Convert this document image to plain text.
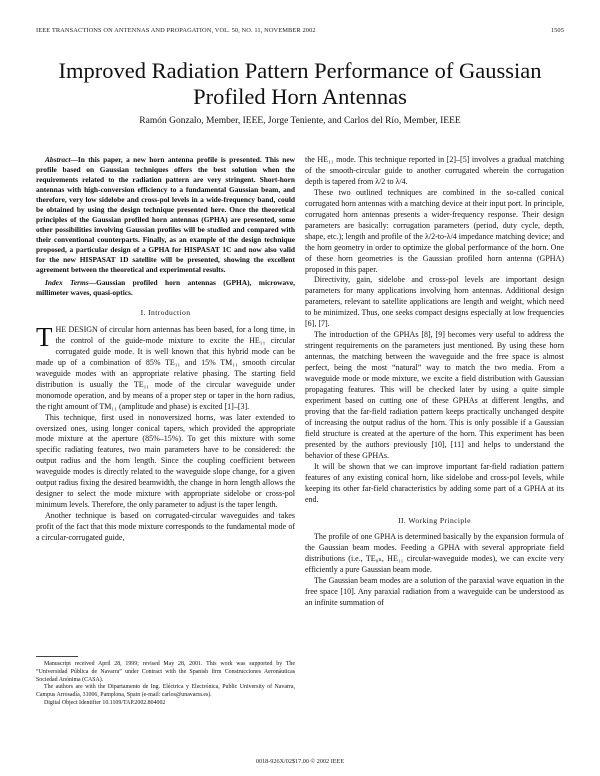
IEEE TRANSACTIONS ON ANTENNAS AND PROPAGATION, VOL. 50, NO. 11, NOVEMBER 2002	1505
Improved Radiation Pattern Performance of Gaussian
Profiled Horn Antennas
Ramón Gonzalo, Member, IEEE, Jorge Teniente, and Carlos del Río, Member, IEEE

Abstract—In this paper, a new horn antenna profile is presented. This new profile based on Gaussian techniques offers the best solution when the requirements related to the radiation pattern are very stringent. Short-horn antennas with high-conversion efficiency to a fundamental Gaussian beam, and therefore, very low sidelobe and cross-pol levels in a wide-frequency band, could be obtained by using the design technique presented here. Once the theoretical principles of the Gaussian profiled horn antennas (GPHA) are presented, some other possibilities involving Gaussian profiles will be studied and compared with their conventional counterparts. Finally, as an example of the design technique proposed, a particular design of a GPHA for HISPASAT 1C and now also valid for the new HISPASAT 1D satellite will be presented, showing the excellent agreement between the theoretical and experimental results.

Index Terms—Gaussian profiled horn antennas (GPHA), microwave, millimeter waves, quasi-optics.

I. Introduction

THE DESIGN of circular horn antennas has been based, for a long time, in the control of the guide-mode mixture to excite the HE₁₁ circular corrugated guide mode. It is well known that this hybrid mode can be made up of a combination of 85% TE₁₁ and 15% TM₁₁ smooth circular waveguide modes with an appropriate relative phasing. The starting field distribution is usually the TE₁₁ mode of the circular waveguide under monomode operation, and by means of a proper step or taper in the horn radius, the right amount of TM₁₁ (amplitude and phase) is excited [1]–[3].

This technique, first used in nonoversized horns, was later extended to oversized ones, using longer conical tapers, which provided the appropriate mode mixture at the aperture (85%–15%). To get this mixture with some specific radiating features, two main parameters have to be considered: the output radius and the horn length. Since the coupling coefficient between waveguide modes is directly related to the waveguide slope change, for a given output radius fixing the desired beamwidth, the change in horn length allows the designer to select the mode mixture with appropriate sidelobe or cross-pol minimum levels. Therefore, the only parameter to adjust is the taper length.

Another technique is based on corrugated-circular waveguides and takes profit of the fact that this mode mixture corresponds to the fundamental mode of a circular-corrugated guide,

Manuscript received April 28, 1999; revised May 28, 2001. This work was supported by The “Universidad Pública de Navarra” under Contract with the Spanish firm Construcciones Aeronáuticas Sociedad Anónima (CASA).

The authors are with the Dipartamento de Ing. Eléctrica y Electrónica, Public University of Navarra, Campus Arrosadía, 31006, Pamplona, Spain (e-mail: carlos@unavarra.es).

Digital Object Identifier 10.1109/TAP.2002.804002

the HE₁₁ mode. This technique reported in [2]–[5] involves a gradual matching of the smooth-circular guide to another corrugated wherein the corrugation depth is tapered from λ/2 to λ/4.

These two outlined techniques are combined in the so-called conical corrugated horn antennas with a matching device at their input port. In principle, corrugated horn antennas presents a wider-frequency response. Their design parameters are basically: corrugation parameters (period, duty cycle, depth, shape, etc.); length and profile of the λ/2-to-λ/4 impedance matching device; and the horn geometry in order to optimize the global performance of the horn. One of these horn geometries is the Gaussian profiled horn antenna (GPHA) proposed in this paper.

Directivity, gain, sidelobe and cross-pol levels are important design parameters for many applications involving horn antennas. Additional design parameters, relevant to satellite applications are length and weight, which need to be minimized. Thus, one seeks compact designs especially at low frequencies [6], [7].

The introduction of the GPHAs [8], [9] becomes very useful to address the stringent requirements on the parameters just mentioned. By using these horn antennas, the matching between the waveguide and the free space is almost perfect, being the most “natural” way to match the two media. From a waveguide mode or mode mixture, we excite a field distribution with Gaussian propagating features. This will be checked later by using a quite simple experiment based on cutting one of these GPHAs at different lengths, and proving that the far-field radiation pattern keeps practically unchanged despite of increasing the output radius of the horn. This is only possible if a Gaussian field structure is created at the aperture of the horn. This experiment has been presented by the authors previously [10], [11] and helps to understand the behavior of these GPHAs.

It will be shown that we can improve important far-field radiation pattern features of any existing conical horn, like sidelobe and cross-pol levels, while keeping its other far-field characteristics by adding some part of a GPHA at its end.

II. Working Principle

The profile of one GPHA is determined basically by the expansion formula of the Gaussian beam modes. Feeding a GPHA with several appropriate field distributions (i.e., TE₀ₙ, HE₁₁ circular-waveguide modes), we can excite very efficiently a pure Gaussian beam mode.

The Gaussian beam modes are a solution of the paraxial wave equation in the free space [10]. Any paraxial radiation from a waveguide can be understood as an infinite summation of

0018-926X/02$17.00 © 2002 IEEE
